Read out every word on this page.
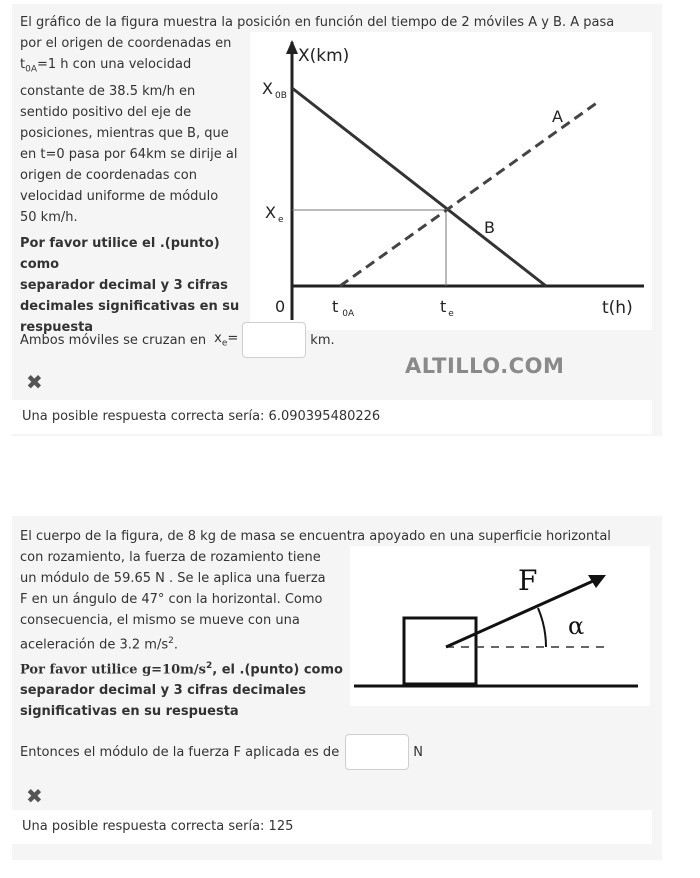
El gráfico de la figura muestra la posición en función del tiempo de 2 móviles A y B. A pasa
por el origen de coordenadas en
$t_{0A}=1$ h con una velocidad
constante de 38.5 km/h en
sentido positivo del eje de
posiciones, mientras que B, que
en t=0 pasa por 64km se dirije al
origen de coordenadas con
velocidad uniforme de módulo
50 km/h.
Por favor utilice el .(punto) como
separador decimal y 3 cifras
decimales significativas en su
respuesta
X(km)
t(h)
0
X $_{0B}$
X $_e$
t $_{0A}$	t $_e$
A
B
Ambos móviles se cruzan en $x_e=$	km.
✖
Una posible respuesta correcta sería: 6.090395480226
ALTILLO.COM
El cuerpo de la figura, de 8 kg de masa se encuentra apoyado en una superficie horizontal
con rozamiento, la fuerza de rozamiento tiene
un módulo de 59.65 N . Se le aplica una fuerza
F en un ángulo de 47° con la horizontal. Como
consecuencia, el mismo se mueve con una
aceleración de 3.2 $m/s^2$.
Por favor utilice $g=10m/s^2$, el .(punto) como
separador decimal y 3 cifras decimales
significativas en su respuesta
F
α
Entonces el módulo de la fuerza F aplicada es de	N
✖
Una posible respuesta correcta sería: 125
